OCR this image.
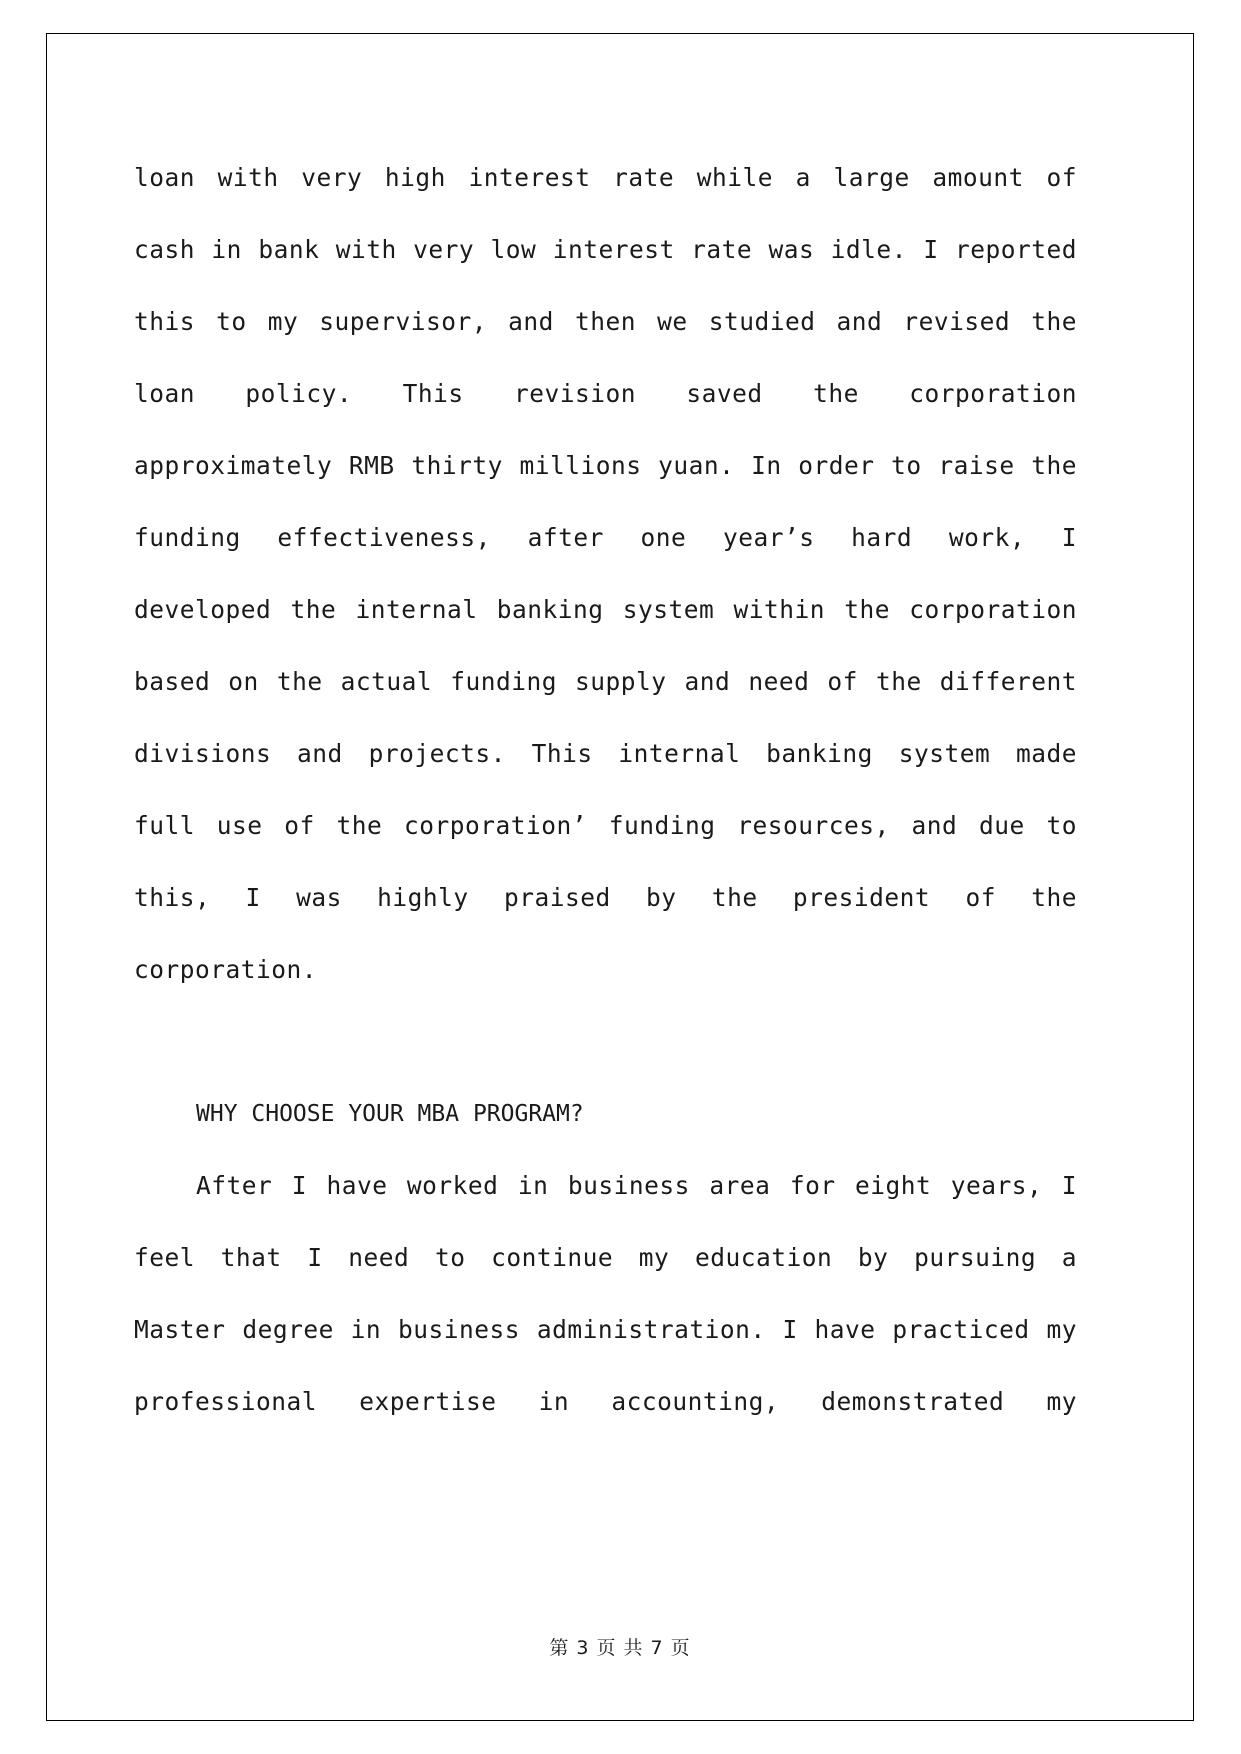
loan with very high interest rate while a large amount of cash in bank with very low interest rate was idle. I reported this to my supervisor, and then we studied and revised the loan policy. This revision saved the corporation approximately RMB thirty millions yuan. In order to raise the funding effectiveness, after one year’s hard work, I developed the internal banking system within the corporation based on the actual funding supply and need of the different divisions and projects. This internal banking system made full use of the corporation’ funding resources, and due to this, I was highly praised by the president of the corporation.

WHY CHOOSE YOUR MBA PROGRAM?

After I have worked in business area for eight years, I feel that I need to continue my education by pursuing a Master degree in business administration. I have practiced my professional expertise in accounting, demonstrated my

第 3 页 共 7 页
